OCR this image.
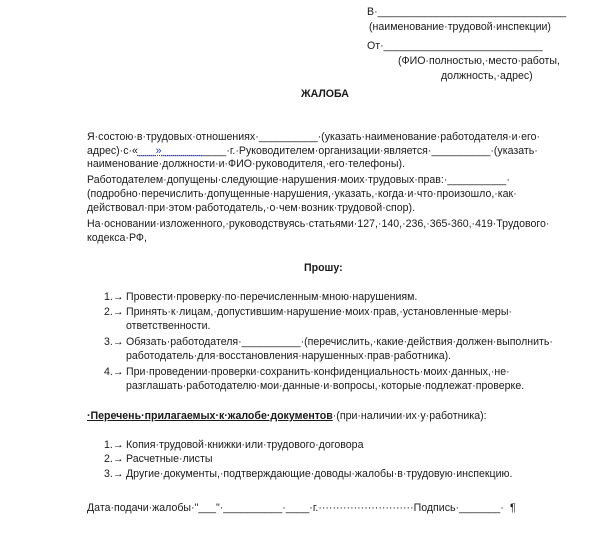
В·________________________________
(наименование·трудовой·инспекции)
От·___________________________
(ФИО·полностью,·место·работы,
должность,·адрес)
ЖАЛОБА
Я·состою·в·трудовых·отношениях·__________·(указать·наименование·работодателя·и·его·
адрес)·с·«___»___________·г.·Руководителем·организации·является·__________·(указать·
наименование·должности·и·ФИО·руководителя,·его·телефоны).
Работодателем·допущены·следующие·нарушения·моих·трудовых·прав:·__________·
(подробно·перечислить·допущенные·нарушения,·указать,·когда·и·что·произошло,·как·
действовал·при·этом·работодатель,·о·чем·возник·трудовой·спор).
На·основании·изложенного,·руководствуясь·статьями·127,·140,·236,·365-360,·419·Трудового·
кодекса·РФ,
Прошу:
1.→ Провести·проверку·по·перечисленным·мною·нарушениям.
2.→ Принять·к·лицам,·допустившим·нарушение·моих·прав,·установленные·меры·
ответственности.
3.→ Обязать·работодателя·__________·(перечислить,·какие·действия·должен·выполнить·
работодатель·для·восстановления·нарушенных·прав·работника).
4.→ При·проведении·проверки·сохранить·конфиденциальность·моих·данных,·не·
разглашать·работодателю·мои·данные·и·вопросы,·которые·подлежат·проверке.
·Перечень·прилагаемых·к·жалобе·документов·(при·наличии·их·у·работника):
1.→ Копия·трудовой·книжки·или·трудового·договора
2.→ Расчетные·листы
3.→ Другие·документы,·подтверждающие·доводы·жалобы·в·трудовую·инспекцию.
Дата·подачи·жалобы·"___"·__________·____·г.···························Подпись·_______· ¶
